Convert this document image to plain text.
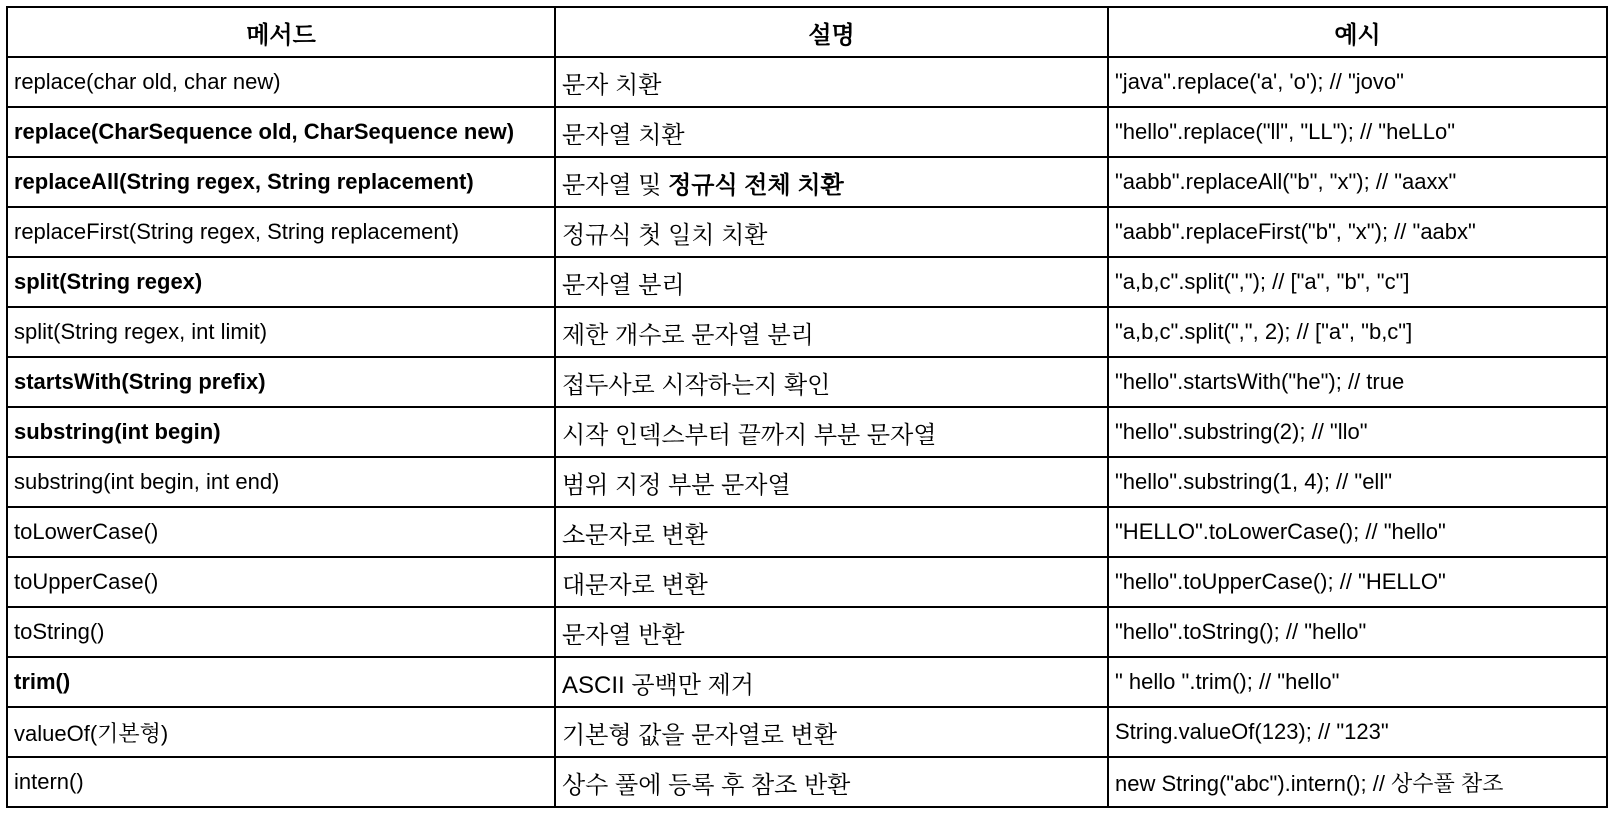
메서드	설명	예시
replace(char old, char new)	문자 치환	"java".replace('a', 'o'); // "jovo"
replace(CharSequence old, CharSequence new)	문자열 치환	"hello".replace("ll", "LL"); // "heLLo"
replaceAll(String regex, String replacement)	문자열 및 정규식 전체 치환	"aabb".replaceAll("b", "x"); // "aaxx"
replaceFirst(String regex, String replacement)	정규식 첫 일치 치환	"aabb".replaceFirst("b", "x"); // "aabx"
split(String regex)	문자열 분리	"a,b,c".split(","); // ["a", "b", "c"]
split(String regex, int limit)	제한 개수로 문자열 분리	"a,b,c".split(",", 2); // ["a", "b,c"]
startsWith(String prefix)	접두사로 시작하는지 확인	"hello".startsWith("he"); // true
substring(int begin)	시작 인덱스부터 끝까지 부분 문자열	"hello".substring(2); // "llo"
substring(int begin, int end)	범위 지정 부분 문자열	"hello".substring(1, 4); // "ell"
toLowerCase()	소문자로 변환	"HELLO".toLowerCase(); // "hello"
toUpperCase()	대문자로 변환	"hello".toUpperCase(); // "HELLO"
toString()	문자열 반환	"hello".toString(); // "hello"
trim()	ASCII 공백만 제거	" hello ".trim(); // "hello"
valueOf(기본형)	기본형 값을 문자열로 변환	String.valueOf(123); // "123"
intern()	상수 풀에 등록 후 참조 반환	new String("abc").intern(); // 상수풀 참조
